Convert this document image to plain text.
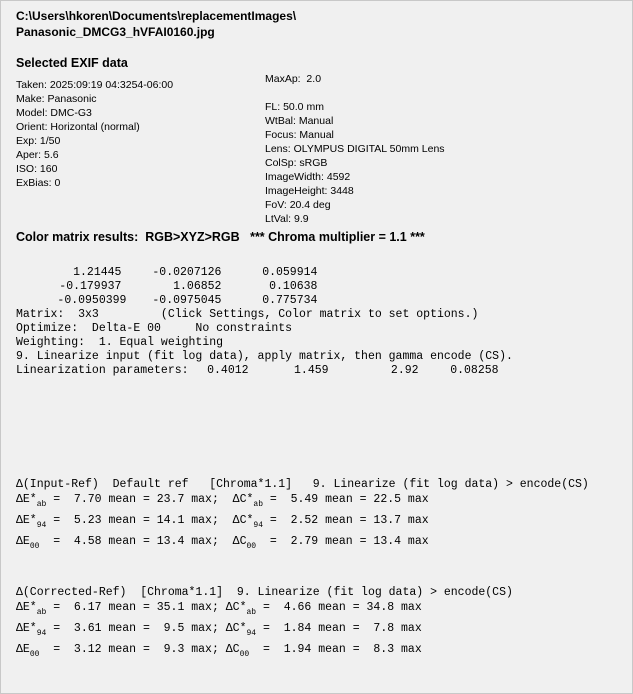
C:\Users\hkoren\Documents\replacementImages\
Panasonic_DMCG3_hVFAI0160.jpg
Selected EXIF data
Taken: 2025:09:19 04:3254-06:00
Make: Panasonic
Model: DMC-G3
Orient: Horizontal (normal)
Exp: 1/50
Aper: 5.6
ISO: 160
ExBias: 0
MaxAp:  2.0
FL: 50.0 mm
WtBal: Manual
Focus: Manual
Lens: OLYMPUS DIGITAL 50mm Lens
ColSp: sRGB
ImageWidth: 4592
ImageHeight: 3448
FoV: 20.4 deg
LtVal: 9.9
Color matrix results:  RGB>XYZ>RGB   *** Chroma multiplier = 1.1 ***

1.21445	-0.0207126	0.059914

-0.179937	1.06852	0.10638

-0.0950399 -0.0975045	0.775734

Matrix:  3x3         (Click Settings, Color matrix to set options.)
Optimize:  Delta-E 00     No constraints
Weighting:  1. Equal weighting
9. Linearize input (fit log data), apply matrix, then gamma encode (CS).
Linearization parameters: 0.4012	1.459	2.92	0.08258
Δ(Input-Ref)  Default ref   [Chroma*1.1]   9. Linearize (fit log data) > encode(CS)
$\Delta E*_{ab} = 7.70$ mean = 23.7 max; $\Delta C*_{ab} = 5.49$ mean = 22.5 max
$\Delta E*_{94} = 5.23$ mean = 14.1 max; $\Delta C*_{94} = 2.52$ mean = 13.7 max
$\Delta E_{00} = 4.58$ mean = 13.4 max; $\Delta C_{00} = 2.79$ mean = 13.4 max
Δ(Corrected-Ref)  [Chroma*1.1]  9. Linearize (fit log data) > encode(CS)
$\Delta E*_{ab} = 6.17$ mean = 35.1 max; $\Delta C*_{ab} = 4.66$ mean = 34.8 max
$\Delta E*_{94} = 3.61$ mean =  9.5 max; $\Delta C*_{94} = 1.84$ mean =  7.8 max
$\Delta E_{00} = 3.12$ mean =  9.3 max; $\Delta C_{00} = 1.94$ mean =  8.3 max
